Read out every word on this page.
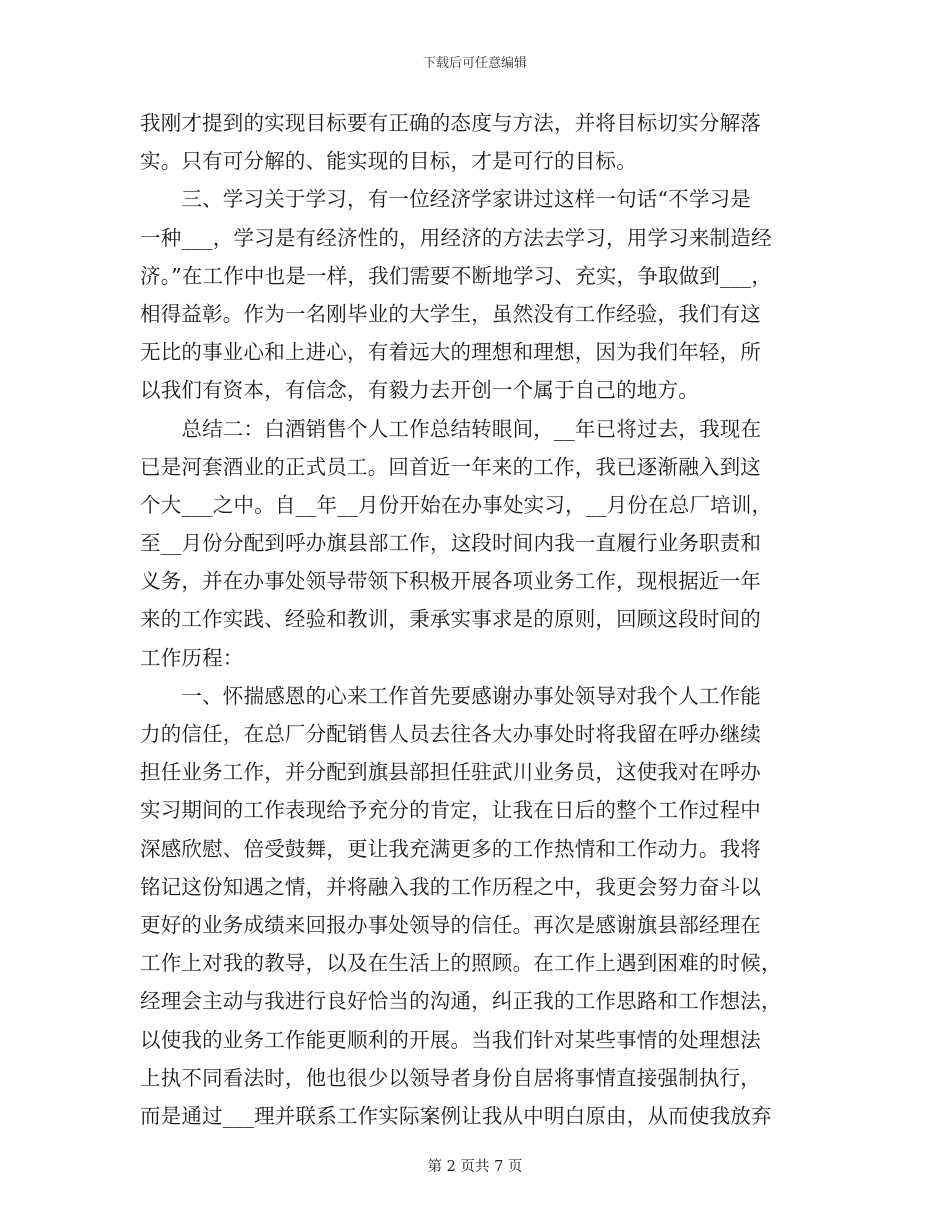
下载后可任意编辑
我刚才提到的实现目标要有正确的态度与方法，并将目标切实分解落
实。只有可分解的、能实现的目标，才是可行的目标。
　　三、学习关于学习，有一位经济学家讲过这样一句话“不学习是
一种___，学习是有经济性的，用经济的方法去学习，用学习来制造经
济。”在工作中也是一样，我们需要不断地学习、充实，争取做到___，
相得益彰。作为一名刚毕业的大学生，虽然没有工作经验，我们有这
无比的事业心和上进心，有着远大的理想和理想，因为我们年轻，所
以我们有资本，有信念，有毅力去开创一个属于自己的地方。
　　总结二：白酒销售个人工作总结转眼间，__年已将过去，我现在
已是河套酒业的正式员工。回首近一年来的工作，我已逐渐融入到这
个大___之中。自__年__月份开始在办事处实习，__月份在总厂培训，
至__月份分配到呼办旗县部工作，这段时间内我一直履行业务职责和
义务，并在办事处领导带领下积极开展各项业务工作，现根据近一年
来的工作实践、经验和教训，秉承实事求是的原则，回顾这段时间的
工作历程：
　　一、怀揣感恩的心来工作首先要感谢办事处领导对我个人工作能
力的信任，在总厂分配销售人员去往各大办事处时将我留在呼办继续
担任业务工作，并分配到旗县部担任驻武川业务员，这使我对在呼办
实习期间的工作表现给予充分的肯定，让我在日后的整个工作过程中
深感欣慰、倍受鼓舞，更让我充满更多的工作热情和工作动力。我将
铭记这份知遇之情，并将融入我的工作历程之中，我更会努力奋斗以
更好的业务成绩来回报办事处领导的信任。再次是感谢旗县部经理在
工作上对我的教导，以及在生活上的照顾。在工作上遇到困难的时候，
经理会主动与我进行良好恰当的沟通，纠正我的工作思路和工作想法，
以使我的业务工作能更顺利的开展。当我们针对某些事情的处理想法
上执不同看法时，他也很少以领导者身份自居将事情直接强制执行，
而是通过___理并联系工作实际案例让我从中明白原由，从而使我放弃
第 2 页共 7 页
